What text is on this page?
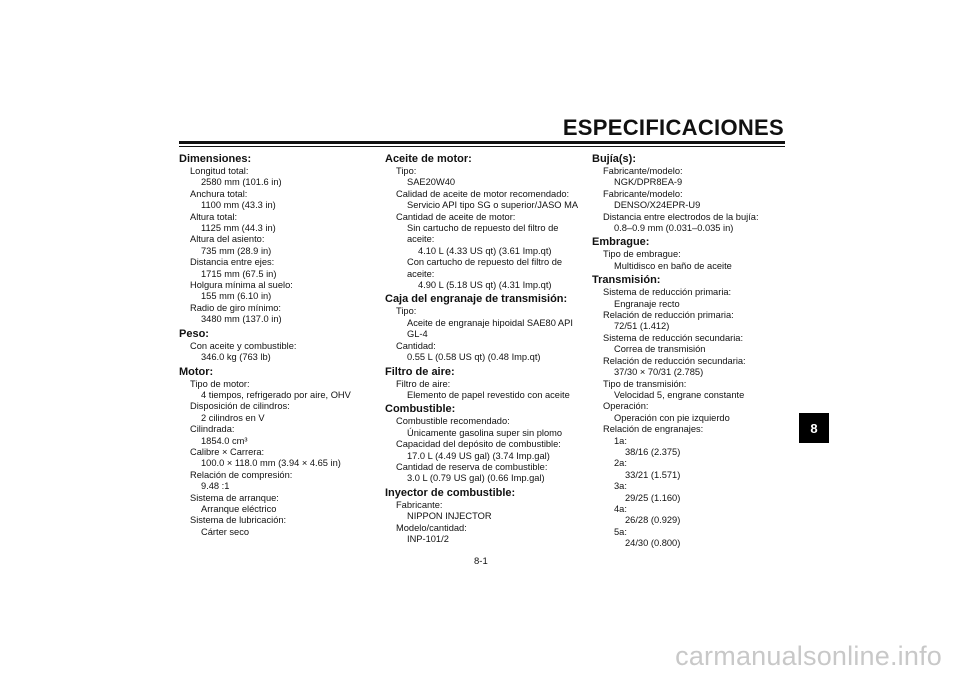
ESPECIFICACIONES
Dimensiones:
Longitud total:
2580 mm (101.6 in)
Anchura total:
1100 mm (43.3 in)
Altura total:
1125 mm (44.3 in)
Altura del asiento:
735 mm (28.9 in)
Distancia entre ejes:
1715 mm (67.5 in)
Holgura mínima al suelo:
155 mm (6.10 in)
Radio de giro mínimo:
3480 mm (137.0 in)
Peso:
Con aceite y combustible:
346.0 kg (763 lb)
Motor:
Tipo de motor:
4 tiempos, refrigerado por aire, OHV
Disposición de cilindros:
2 cilindros en V
Cilindrada:
1854.0 cm³
Calibre × Carrera:
100.0 × 118.0 mm (3.94 × 4.65 in)
Relación de compresión:
9.48 :1
Sistema de arranque:
Arranque eléctrico
Sistema de lubricación:
Cárter seco
Aceite de motor:
Tipo:
SAE20W40
Calidad de aceite de motor recomendado:
Servicio API tipo SG o superior/JASO MA
Cantidad de aceite de motor:
Sin cartucho de repuesto del filtro de
aceite:
4.10 L (4.33 US qt) (3.61 Imp.qt)
Con cartucho de repuesto del filtro de
aceite:
4.90 L (5.18 US qt) (4.31 Imp.qt)
Caja del engranaje de transmisión:
Tipo:
Aceite de engranaje hipoidal SAE80 API
GL-4
Cantidad:
0.55 L (0.58 US qt) (0.48 Imp.qt)
Filtro de aire:
Filtro de aire:
Elemento de papel revestido con aceite
Combustible:
Combustible recomendado:
Únicamente gasolina super sin plomo
Capacidad del depósito de combustible:
17.0 L (4.49 US gal) (3.74 Imp.gal)
Cantidad de reserva de combustible:
3.0 L (0.79 US gal) (0.66 Imp.gal)
Inyector de combustible:
Fabricante:
NIPPON INJECTOR
Modelo/cantidad:
INP-101/2
Bujía(s):
Fabricante/modelo:
NGK/DPR8EA-9
Fabricante/modelo:
DENSO/X24EPR-U9
Distancia entre electrodos de la bujía:
0.8–0.9 mm (0.031–0.035 in)
Embrague:
Tipo de embrague:
Multidisco en baño de aceite
Transmisión:
Sistema de reducción primaria:
Engranaje recto
Relación de reducción primaria:
72/51 (1.412)
Sistema de reducción secundaria:
Correa de transmisión
Relación de reducción secundaria:
37/30 × 70/31 (2.785)
Tipo de transmisión:
Velocidad 5, engrane constante
Operación:
Operación con pie izquierdo
Relación de engranajes:
1a:
38/16 (2.375)
2a:
33/21 (1.571)
3a:
29/25 (1.160)
4a:
26/28 (0.929)
5a:
24/30 (0.800)
8
8-1
carmanualsonline.info
